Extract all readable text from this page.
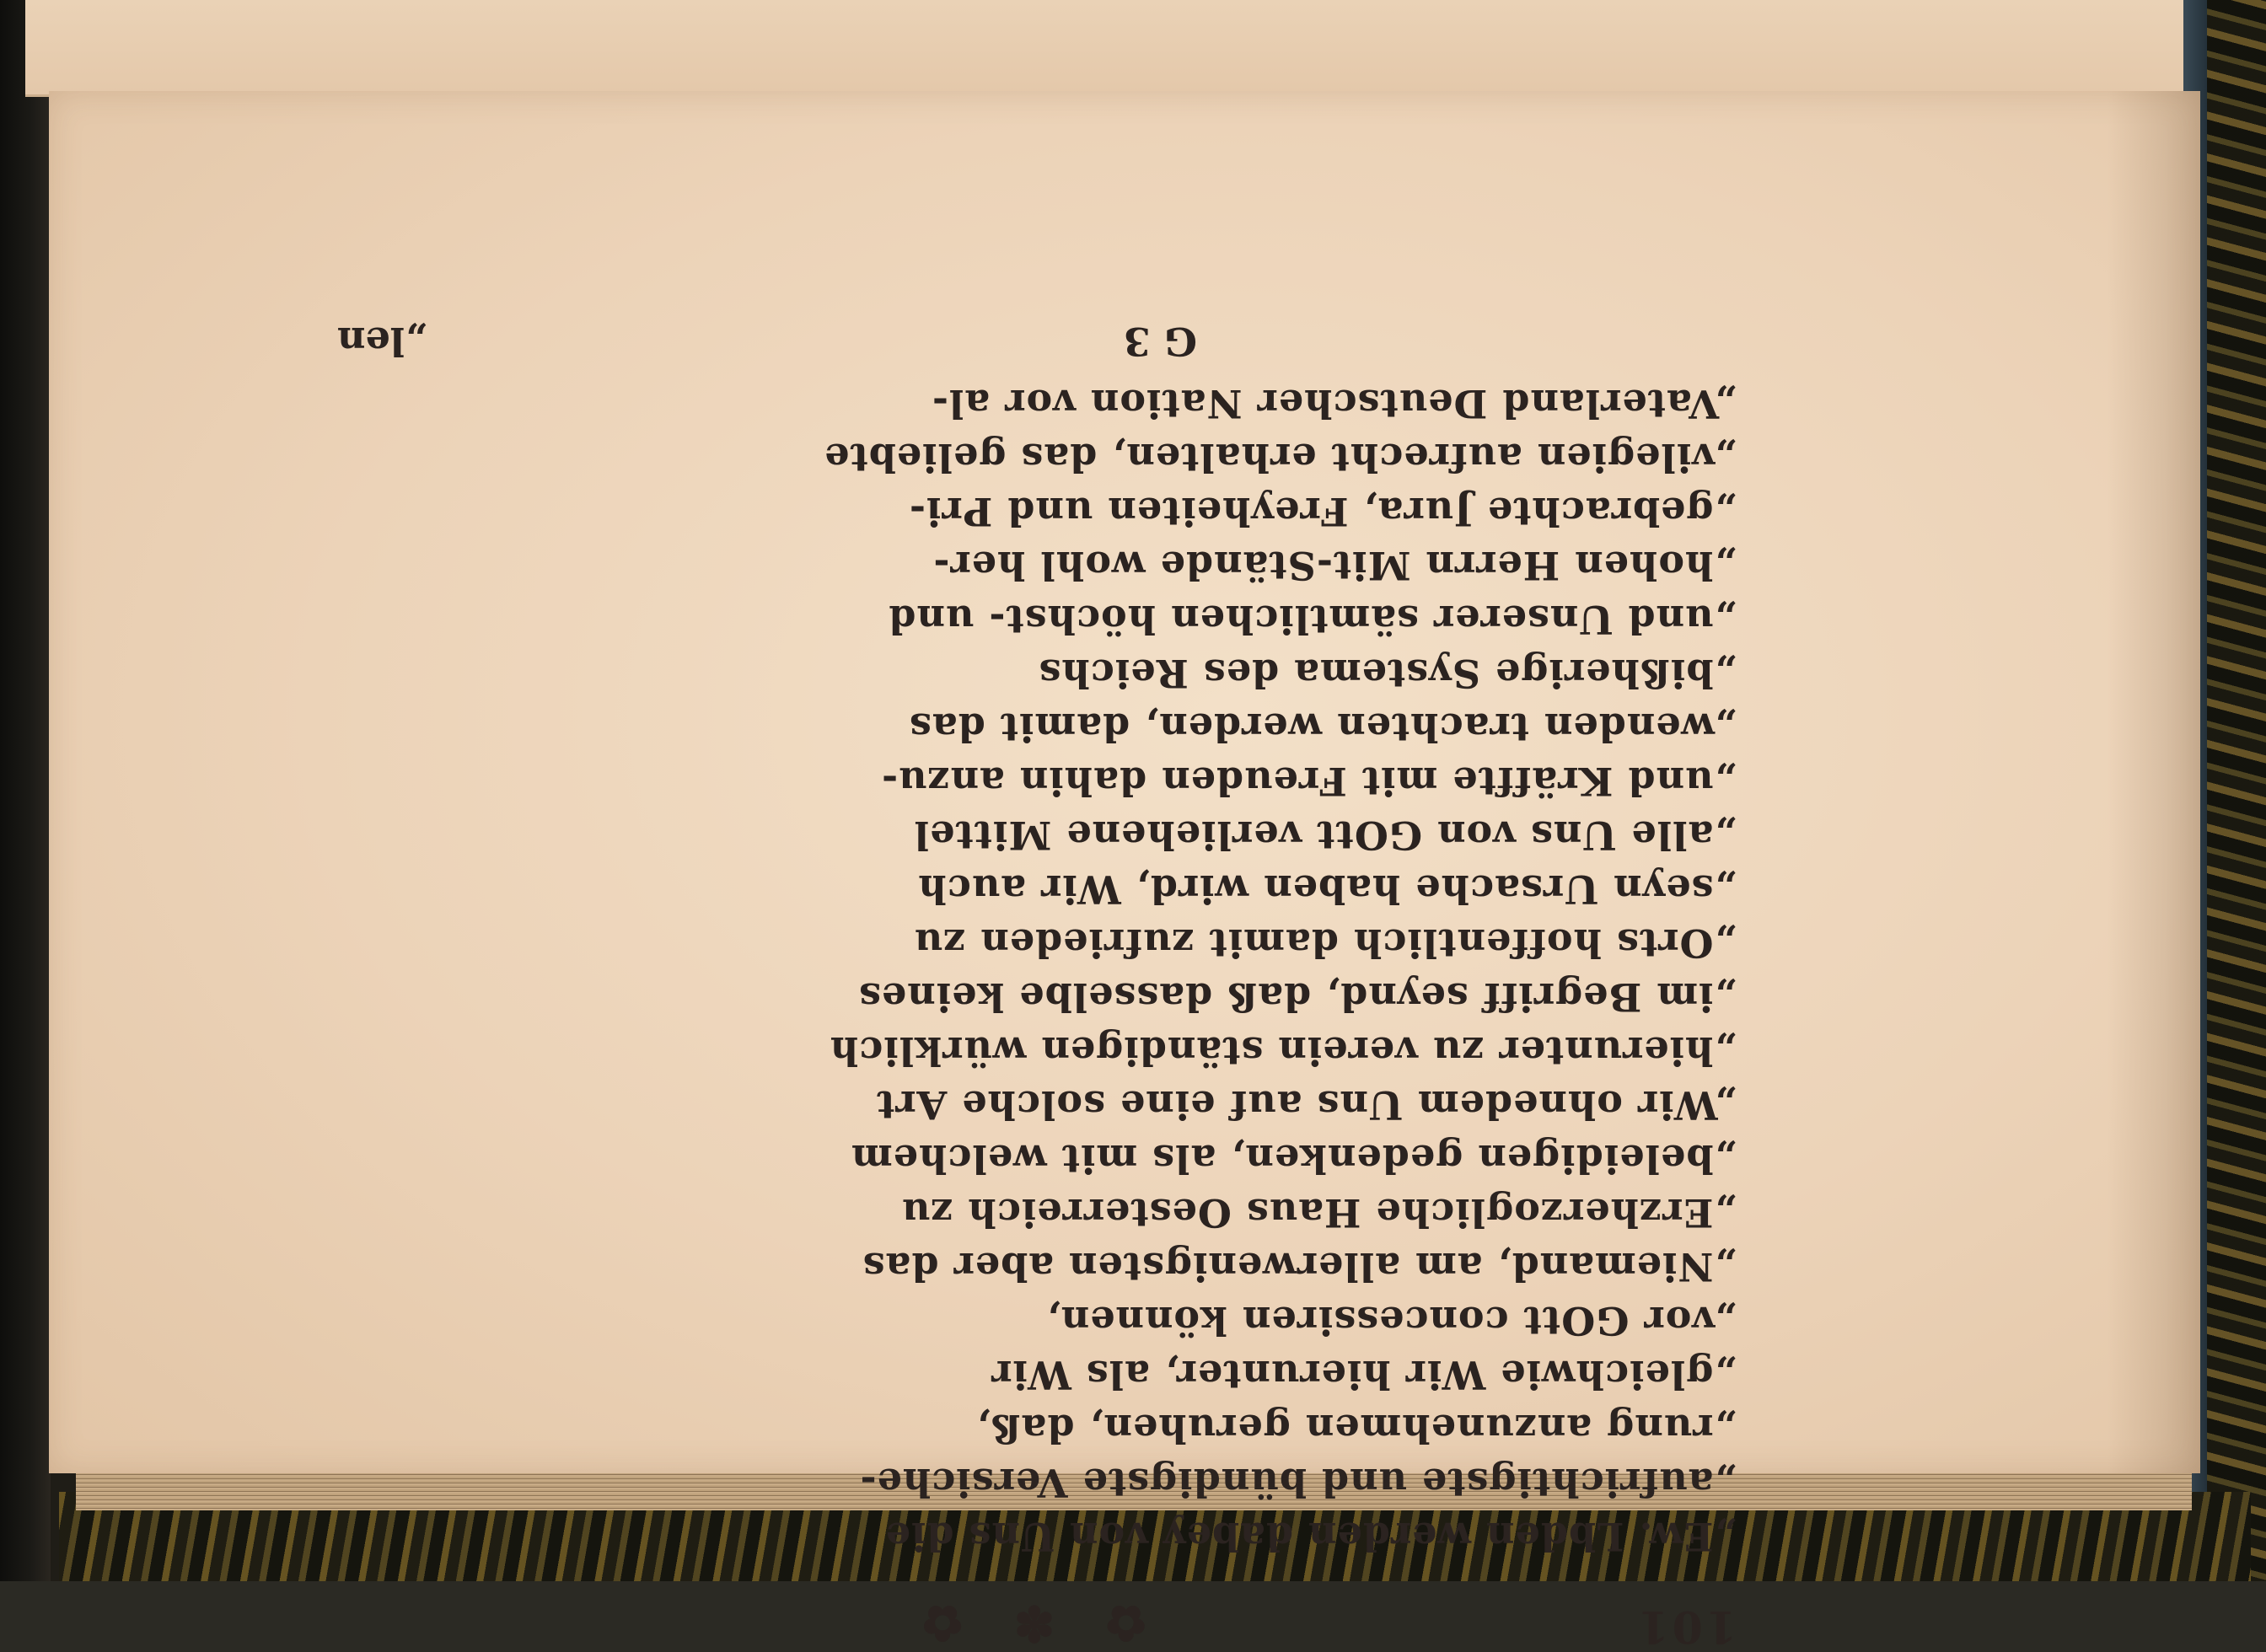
101
✿ ✽ ✿
„Ew. Lbden werden dabey von Uns die
„aufrichtigste und bündigste Versiche-
„rung anzunehmen geruhen, daß,
„gleichwie Wir hierunter, als Wir
„vor GOtt concessiren können,
„Niemand, am allerwenigsten aber das
„Erzherzogliche Haus Oesterreich zu
„beleidigen gedenken, als mit welchem
„Wir ohnedem Uns auf eine solche Art
„hierunter zu verein ständigen würklich
„im Begriff seynd, daß dasselbe keines
„Orts hoffentlich damit zufrieden zu
„seyn Ursache haben wird, Wir auch
„alle Uns von GOtt verliehene Mittel
„und Kräffte mit Freuden dahin anzu-
„wenden trachten werden, damit das
„bißherige Systema des Reichs
„und Unserer sämtlichen höchst- und
„hohen Herrn Mit-Stände wohl her-
„gebrachte Jura, Freyheiten und Pri-
„vilegien aufrecht erhalten, das geliebte
„Vaterland Deutscher Nation vor al-
G 3
„len
